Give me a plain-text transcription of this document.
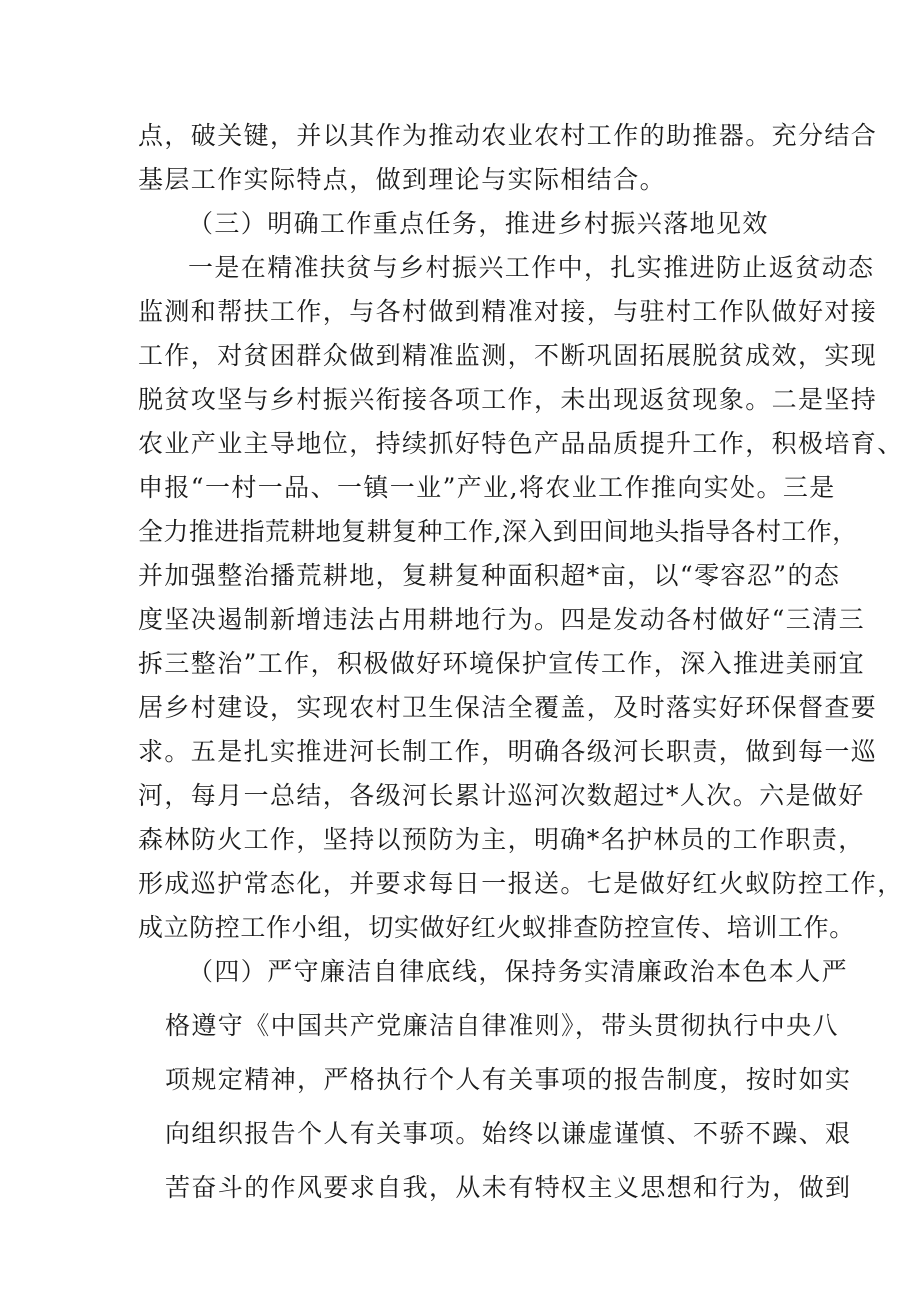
点，破关键，并以其作为推动农业农村工作的助推器。充分结合
基层工作实际特点，做到理论与实际相结合。
（三）明确工作重点任务，推进乡村振兴落地见效
一是在精准扶贫与乡村振兴工作中，扎实推进防止返贫动态
监测和帮扶工作，与各村做到精准对接，与驻村工作队做好对接
工作，对贫困群众做到精准监测，不断巩固拓展脱贫成效，实现
脱贫攻坚与乡村振兴衔接各项工作，未出现返贫现象。二是坚持
农业产业主导地位，持续抓好特色产品品质提升工作，积极培育、
申报“一村一品、一镇一业”产业,将农业工作推向实处。三是
全力推进指荒耕地复耕复种工作,深入到田间地头指导各村工作，
并加强整治播荒耕地，复耕复种面积超*亩，以“零容忍”的态
度坚决遏制新增违法占用耕地行为。四是发动各村做好“三清三
拆三整治”工作，积极做好环境保护宣传工作，深入推进美丽宜
居乡村建设，实现农村卫生保洁全覆盖，及时落实好环保督查要
求。五是扎实推进河长制工作，明确各级河长职责，做到每一巡
河，每月一总结，各级河长累计巡河次数超过*人次。六是做好
森林防火工作，坚持以预防为主，明确*名护林员的工作职责，
形成巡护常态化，并要求每日一报送。七是做好红火蚁防控工作，
成立防控工作小组，切实做好红火蚁排查防控宣传、培训工作。
（四）严守廉洁自律底线，保持务实清廉政治本色本人严
格遵守《中国共产党廉洁自律准则》，带头贯彻执行中央八
项规定精神，严格执行个人有关事项的报告制度，按时如实
向组织报告个人有关事项。始终以谦虚谨慎、不骄不躁、艰
苦奋斗的作风要求自我，从未有特权主义思想和行为，做到
